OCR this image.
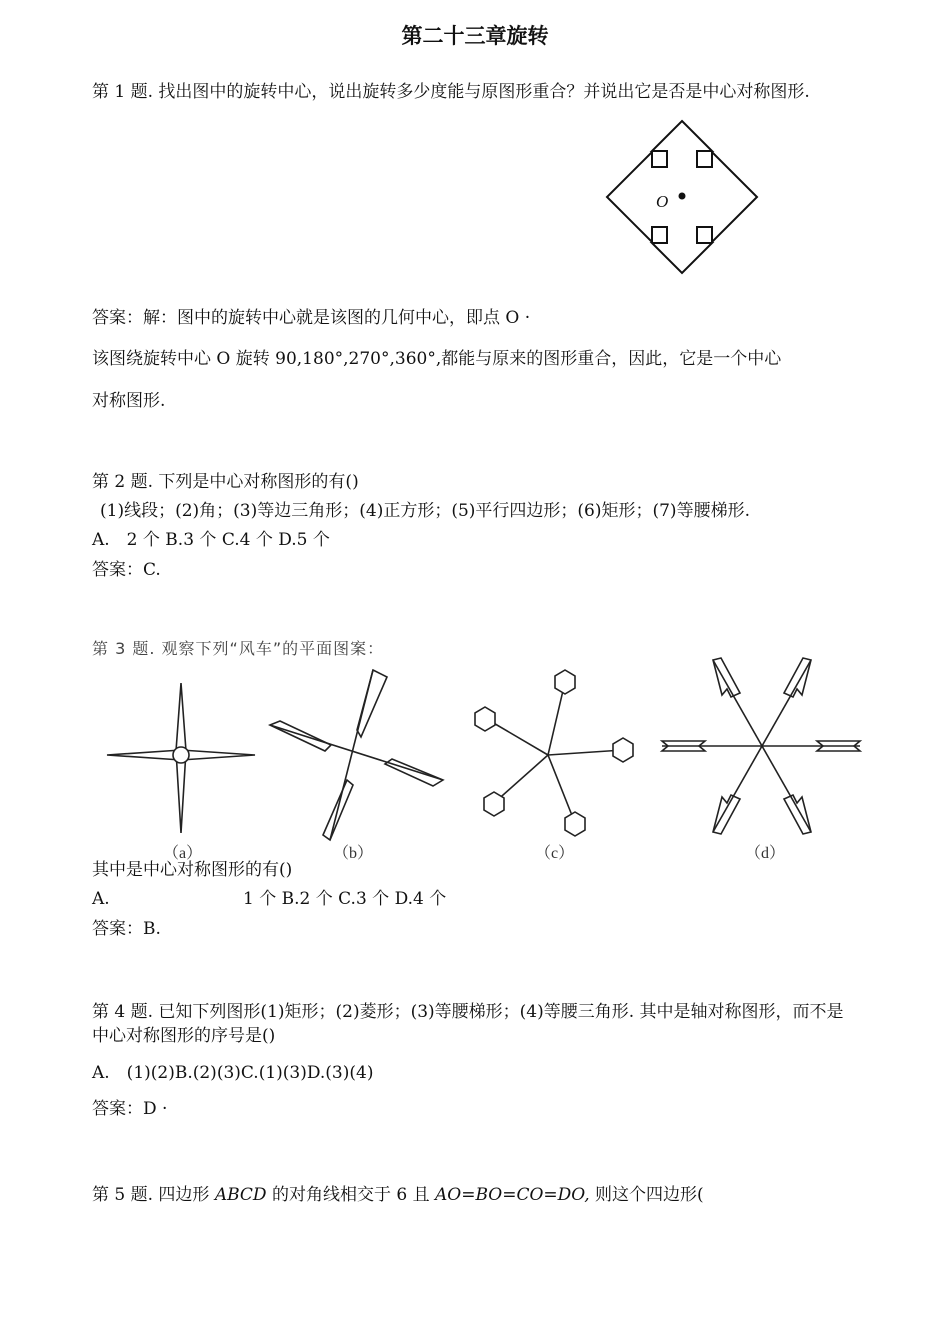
第二十三章旋转
第 1 题. 找出图中的旋转中心，说出旋转多少度能与原图形重合？并说出它是否是中心对称图形.
O
答案：解：图中的旋转中心就是该图的几何中心，即点 O ·
该图绕旋转中心 O 旋转 90,180°,270°,360°,都能与原来的图形重合，因此，它是一个中心
对称图形.
第 2 题. 下列是中心对称图形的有()
(1)线段；(2)角；(3)等边三角形；(4)正方形；(5)平行四边形；(6)矩形；(7)等腰梯形.
A.　2 个 B.3 个 C.4 个 D.5 个
答案：C.
第 3 题. 观察下列“风车”的平面图案：
（a）	（b）	（c）	（d）
其中是中心对称图形的有()
A.	1 个 B.2 个 C.3 个 D.4 个
答案：B.
第 4 题. 已知下列图形(1)矩形；(2)菱形；(3)等腰梯形；(4)等腰三角形. 其中是轴对称图形，而不是中心对称图形的序号是()
A.　(1)(2)B.(2)(3)C.(1)(3)D.(3)(4)
答案：D ·
第 5 题. 四边形 ABCD 的对角线相交于 6 且 AO=BO=CO=DO, 则这个四边形(
